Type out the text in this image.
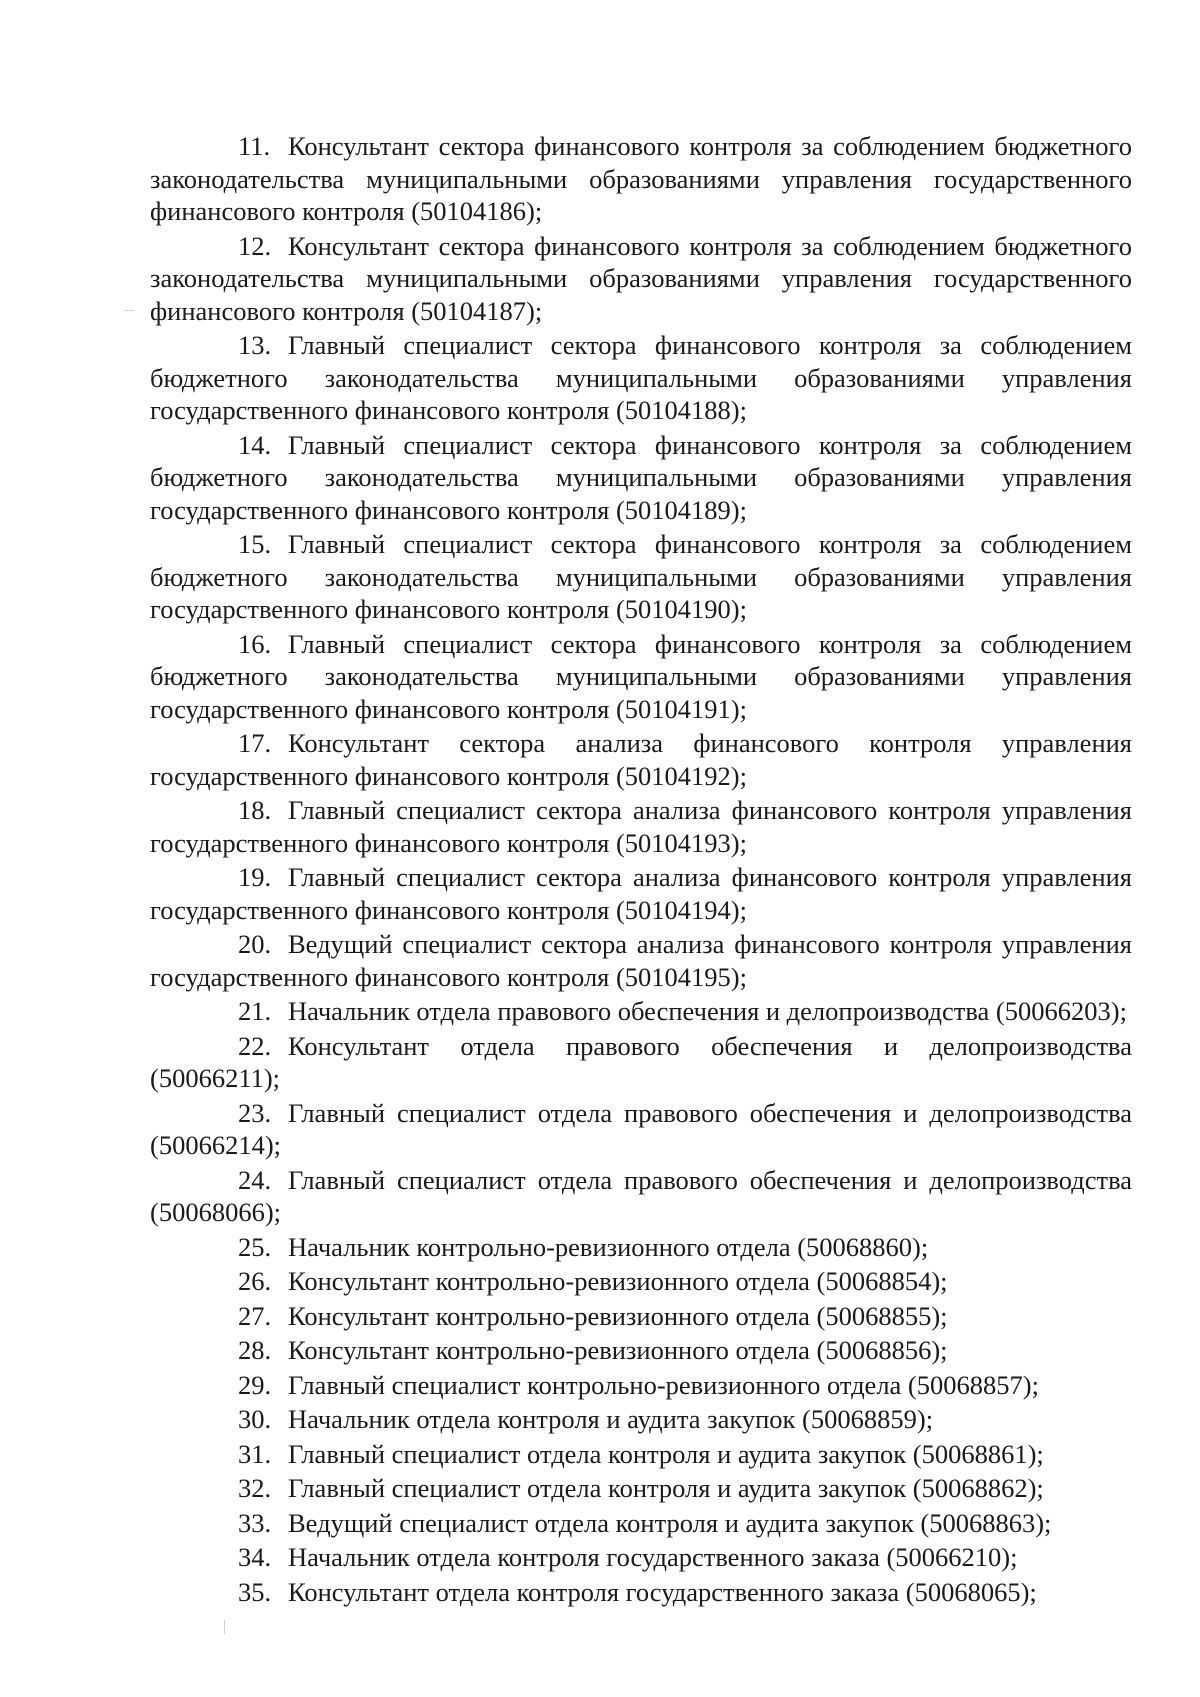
11. Консультант сектора финансового контроля за соблюдением бюджетного законодательства муниципальными образованиями управления государственного финансового контроля (50104186);
12. Консультант сектора финансового контроля за соблюдением бюджетного законодательства муниципальными образованиями управления государственного финансового контроля (50104187);
13. Главный специалист сектора финансового контроля за соблюдением бюджетного законодательства муниципальными образованиями управления государственного финансового контроля (50104188);
14. Главный специалист сектора финансового контроля за соблюдением бюджетного законодательства муниципальными образованиями управления государственного финансового контроля (50104189);
15. Главный специалист сектора финансового контроля за соблюдением бюджетного законодательства муниципальными образованиями управления государственного финансового контроля (50104190);
16. Главный специалист сектора финансового контроля за соблюдением бюджетного законодательства муниципальными образованиями управления государственного финансового контроля (50104191);
17. Консультант сектора анализа финансового контроля управления государственного финансового контроля (50104192);
18. Главный специалист сектора анализа финансового контроля управления государственного финансового контроля (50104193);
19. Главный специалист сектора анализа финансового контроля управления государственного финансового контроля (50104194);
20. Ведущий специалист сектора анализа финансового контроля управления государственного финансового контроля (50104195);
21. Начальник отдела правового обеспечения и делопроизводства (50066203);
22. Консультант отдела правового обеспечения и делопроизводства (50066211);
23. Главный специалист отдела правового обеспечения и делопроизводства (50066214);
24. Главный специалист отдела правового обеспечения и делопроизводства (50068066);
25. Начальник контрольно-ревизионного отдела (50068860);
26. Консультант контрольно-ревизионного отдела (50068854);
27. Консультант контрольно-ревизионного отдела (50068855);
28. Консультант контрольно-ревизионного отдела (50068856);
29. Главный специалист контрольно-ревизионного отдела (50068857);
30. Начальник отдела контроля и аудита закупок (50068859);
31. Главный специалист отдела контроля и аудита закупок (50068861);
32. Главный специалист отдела контроля и аудита закупок (50068862);
33. Ведущий специалист отдела контроля и аудита закупок (50068863);
34. Начальник отдела контроля государственного заказа (50066210);
35. Консультант отдела контроля государственного заказа (50068065);
